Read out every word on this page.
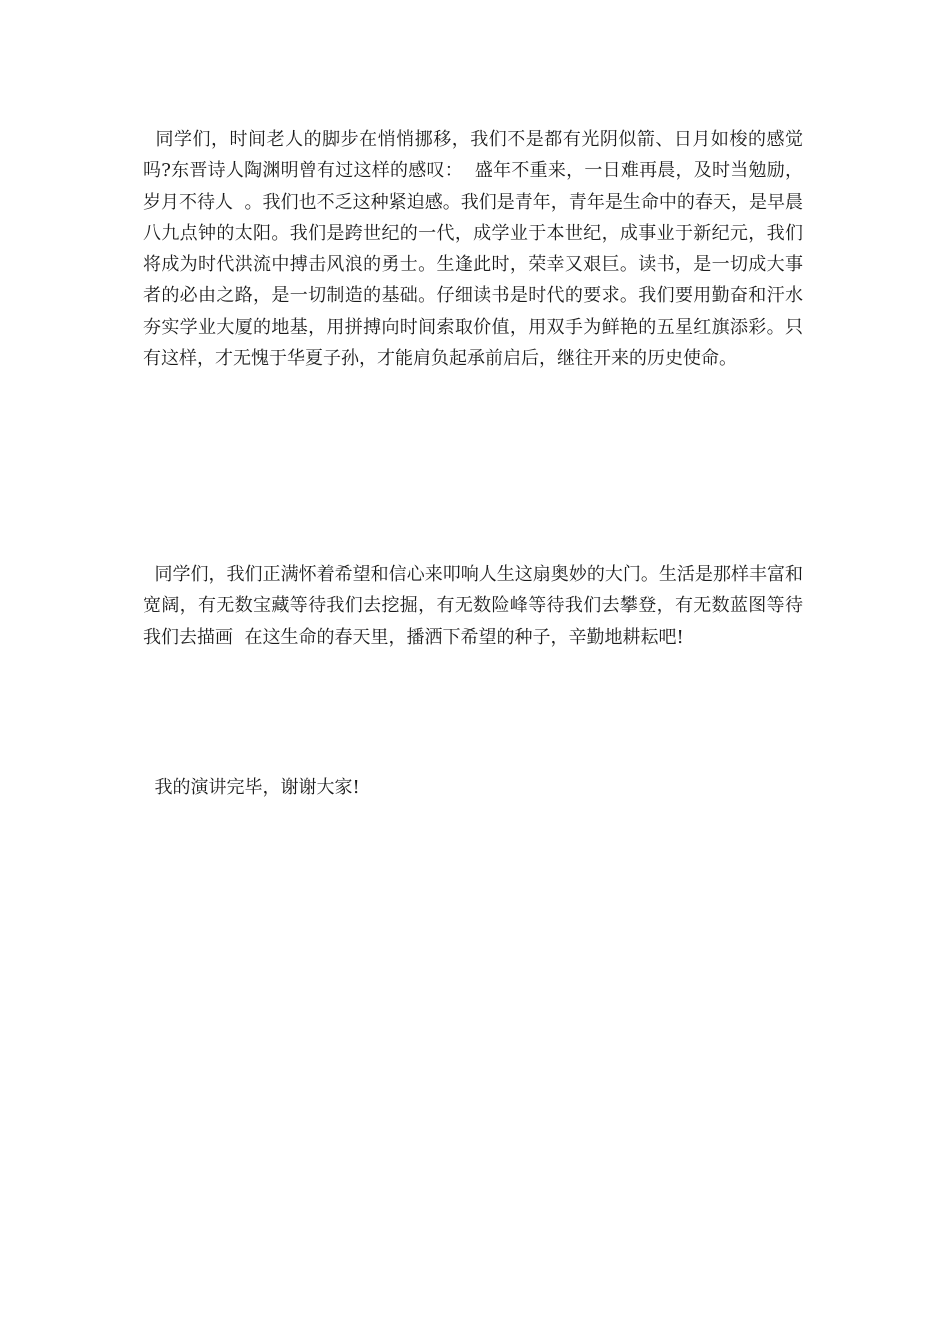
同学们，时间老人的脚步在悄悄挪移，我们不是都有光阴似箭、日月如梭的感觉吗?东晋诗人陶渊明曾有过这样的感叹：  盛年不重来，一日难再晨，及时当勉励，岁月不待人  。我们也不乏这种紧迫感。我们是青年，青年是生命中的春天，是早晨八九点钟的太阳。我们是跨世纪的一代，成学业于本世纪，成事业于新纪元，我们将成为时代洪流中搏击风浪的勇士。生逢此时，荣幸又艰巨。读书，是一切成大事者的必由之路，是一切制造的基础。仔细读书是时代的要求。我们要用勤奋和汗水夯实学业大厦的地基，用拼搏向时间索取价值，用双手为鲜艳的五星红旗添彩。只有这样，才无愧于华夏子孙，才能肩负起承前启后，继往开来的历史使命。

同学们，我们正满怀着希望和信心来叩响人生这扇奥妙的大门。生活是那样丰富和宽阔，有无数宝藏等待我们去挖掘，有无数险峰等待我们去攀登，有无数蓝图等待我们去描画  在这生命的春天里，播洒下希望的种子，辛勤地耕耘吧!

我的演讲完毕，谢谢大家!
